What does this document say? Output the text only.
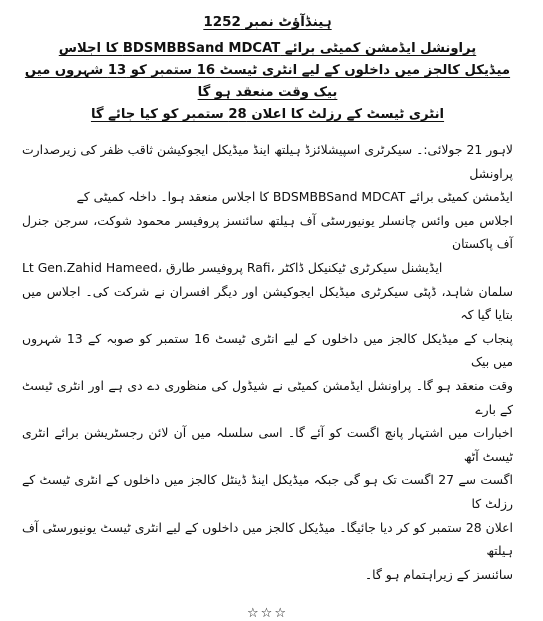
ہینڈآؤٹ نمبر 1252
پراونشل ایڈمشن کمیٹی برائے BDSMBBSand MDCAT کا اجلاس
میڈیکل کالجز میں داخلوں کے لیے انٹری ٹیسٹ 16 ستمبر کو 13 شہروں میں بیک وقت منعقد ہو گا
انٹری ٹیسٹ کے رزلٹ کا اعلان 28 ستمبر کو کیا جائے گا
لاہور 21 جولائی:۔ سیکرٹری اسپیشلائزڈ ہیلتھ اینڈ میڈیکل ایجوکیشن ثاقب ظفر کی زیرصدارت پراونشل
ایڈمشن کمیٹی برائے BDSMBBSand MDCAT کا اجلاس منعقد ہوا۔ داخلہ کمیٹی کے
اجلاس میں وائس چانسلر یونیورسٹی آف ہیلتھ سائنسز پروفیسر محمود شوکت، سرجن جنرل آف پاکستان
Lt Gen.Zahid Hameed، پروفیسر طارق Rafi، ایڈیشنل سیکرٹری ٹیکنیکل ڈاکٹر
سلمان شاہد، ڈپٹی سیکرٹری میڈیکل ایجوکیشن اور دیگر افسران نے شرکت کی۔ اجلاس میں بتایا گیا کہ
پنجاب کے میڈیکل کالجز میں داخلوں کے لیے انٹری ٹیسٹ 16 ستمبر کو صوبہ کے 13 شہروں میں بیک
وقت منعقد ہو گا۔ پراونشل ایڈمشن کمیٹی نے شیڈول کی منظوری دے دی ہے اور انٹری ٹیسٹ کے بارے
اخبارات میں اشتہار پانچ اگست کو آئے گا۔ اسی سلسلہ میں آن لائن رجسٹریشن برائے انٹری ٹیسٹ آٹھ
اگست سے 27 اگست تک ہو گی جبکہ میڈیکل اینڈ ڈینٹل کالجز میں داخلوں کے انٹری ٹیسٹ کے رزلٹ کا
اعلان 28 ستمبر کو کر دیا جائیگا۔ میڈیکل کالجز میں داخلوں کے لیے انٹری ٹیسٹ یونیورسٹی آف ہیلتھ
سائنسز کے زیراہتمام ہو گا۔
☆☆☆
